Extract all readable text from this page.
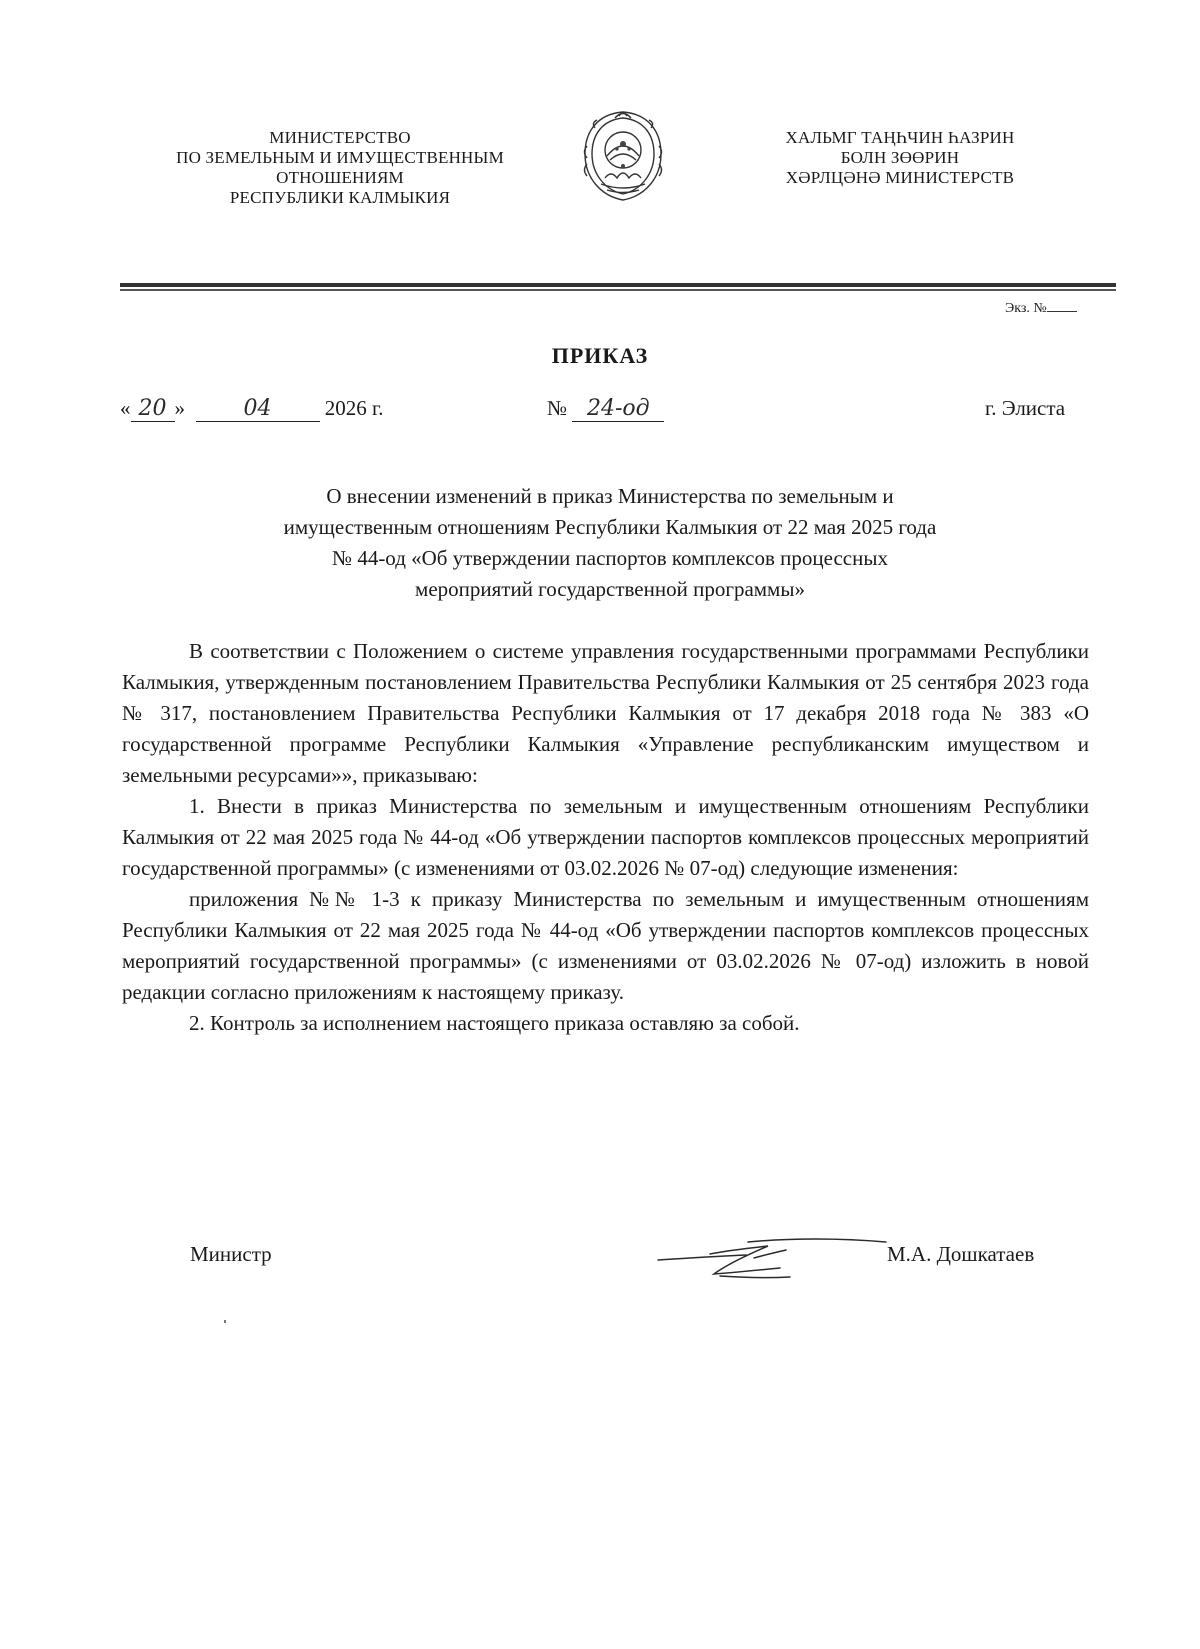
МИНИСТЕРСТВО
ПО ЗЕМЕЛЬНЫМ И ИМУЩЕСТВЕННЫМ
ОТНОШЕНИЯМ
РЕСПУБЛИКИ КАЛМЫКИЯ
ХАЛЬМГ ТАҢҺЧИН ҺАЗРИН
БОЛН ЗӨӨРИН
ХӘРЛЦӘНӘ МИНИСТЕРСТВ
Экз. №
ПРИКАЗ
« 20 »	04	2026 г.	№ 24-од	г. Элиста
О внесении изменений в приказ Министерства по земельным и
имущественным отношениям Республики Калмыкия от 22 мая 2025 года
№ 44-од «Об утверждении паспортов комплексов процессных
мероприятий государственной программы»

В соответствии с Положением о системе управления государственными программами Республики Калмыкия, утвержденным постановлением Правительства Республики Калмыкия от 25 сентября 2023 года № 317, постановлением Правительства Республики Калмыкия от 17 декабря 2018 года № 383 «О государственной программе Республики Калмыкия «Управление республиканским имуществом и земельными ресурсами»», приказываю:

1. Внести в приказ Министерства по земельным и имущественным отношениям Республики Калмыкия от 22 мая 2025 года № 44-од «Об утверждении паспортов комплексов процессных мероприятий государственной программы» (с изменениями от 03.02.2026 № 07-од) следующие изменения:

приложения №№ 1-3 к приказу Министерства по земельным и имущественным отношениям Республики Калмыкия от 22 мая 2025 года № 44-од «Об утверждении паспортов комплексов процессных мероприятий государственной программы» (с изменениями от 03.02.2026 № 07-од) изложить в новой редакции согласно приложениям к настоящему приказу.

2. Контроль за исполнением настоящего приказа оставляю за собой.

Министр	М.А. Дошкатаев
